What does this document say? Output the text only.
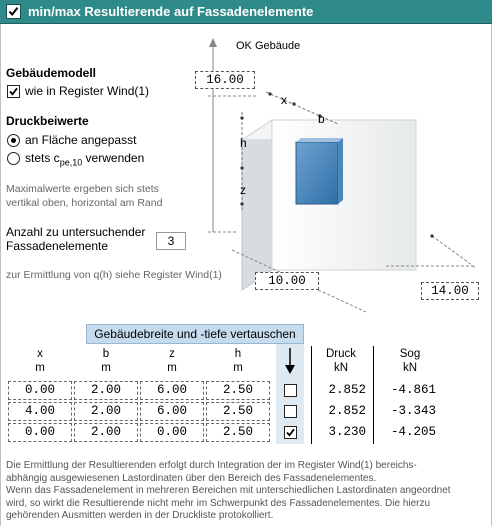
min/max Resultierende auf Fassadenelemente
Gebäudemodell
wie in Register Wind(1)
Druckbeiwerte
an Fläche angepasst
stets $c_{pe,10}$ verwenden
Maximalwerte ergeben sich stets
vertikal oben, horizontal am Rand
Anzahl zu untersuchender
Fassadenelemente	3
zur Ermittlung von q(h) siehe Register Wind(1)
OK Gebäude
16.00
x
b
h
z
10.00
14.00
Gebäudebreite und -tiefe vertauschen
x
m
b
m
z
m
h
m
Druck
kN
Sog
kN
0.00	2.00	6.00	2.50	2.852	-4.861
4.00	2.00	6.00	2.50	2.852	-3.343
0.00	2.00	0.00	2.50	3.230	-4.205
Die Ermittlung der Resultierenden erfolgt durch Integration der im Register Wind(1) bereichs-
abhängig ausgewiesenen Lastordinaten über den Bereich des Fassadenelementes.
Wenn das Fassadenelement in mehreren Bereichen mit unterschiedlichen Lastordinaten angeordnet
wird, so wirkt die Resultierende nicht mehr im Schwerpunkt des Fassadenelementes. Die hierzu
gehörenden Ausmitten werden in der Druckliste protokolliert.
